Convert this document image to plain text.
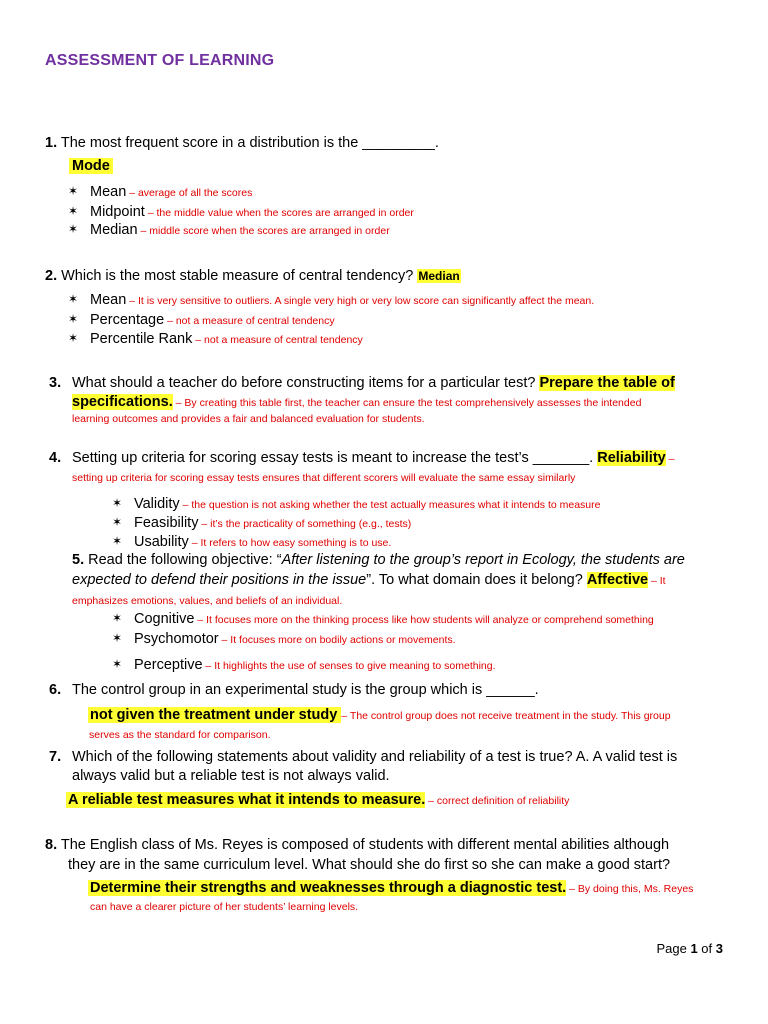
ASSESSMENT OF LEARNING
1. The most frequent score in a distribution is the _________.
Mode
✶ Mean – average of all the scores
✶ Midpoint – the middle value when the scores are arranged in order
✶ Median – middle score when the scores are arranged in order
2. Which is the most stable measure of central tendency? Median
✶ Mean – It is very sensitive to outliers. A single very high or very low score can significantly affect the mean.
✶ Percentage – not a measure of central tendency
✶ Percentile Rank – not a measure of central tendency
3. What should a teacher do before constructing items for a particular test? Prepare the table of
specifications. – By creating this table first, the teacher can ensure the test comprehensively assesses the intended
learning outcomes and provides a fair and balanced evaluation for students.
4. Setting up criteria for scoring essay tests is meant to increase the test’s _______. Reliability –
setting up criteria for scoring essay tests ensures that different scorers will evaluate the same essay similarly
✶ Validity – the question is not asking whether the test actually measures what it intends to measure
✶ Feasibility – it’s the practicality of something (e.g., tests)
✶ Usability – It refers to how easy something is to use.
5. Read the following objective: “After listening to the group’s report in Ecology, the students are
expected to defend their positions in the issue”. To what domain does it belong? Affective – It
emphasizes emotions, values, and beliefs of an individual.
✶ Cognitive – It focuses more on the thinking process like how students will analyze or comprehend something
✶ Psychomotor – It focuses more on bodily actions or movements.
✶ Perceptive – It highlights the use of senses to give meaning to something.
6. The control group in an experimental study is the group which is ______.
not given the treatment under study – The control group does not receive treatment in the study. This group
serves as the standard for comparison.
7. Which of the following statements about validity and reliability of a test is true? A. A valid test is
always valid but a reliable test is not always valid.
A reliable test measures what it intends to measure. – correct definition of reliability
8. The English class of Ms. Reyes is composed of students with different mental abilities although
they are in the same curriculum level. What should she do first so she can make a good start?
Determine their strengths and weaknesses through a diagnostic test. – By doing this, Ms. Reyes
can have a clearer picture of her students’ learning levels.
Page 1 of 3
